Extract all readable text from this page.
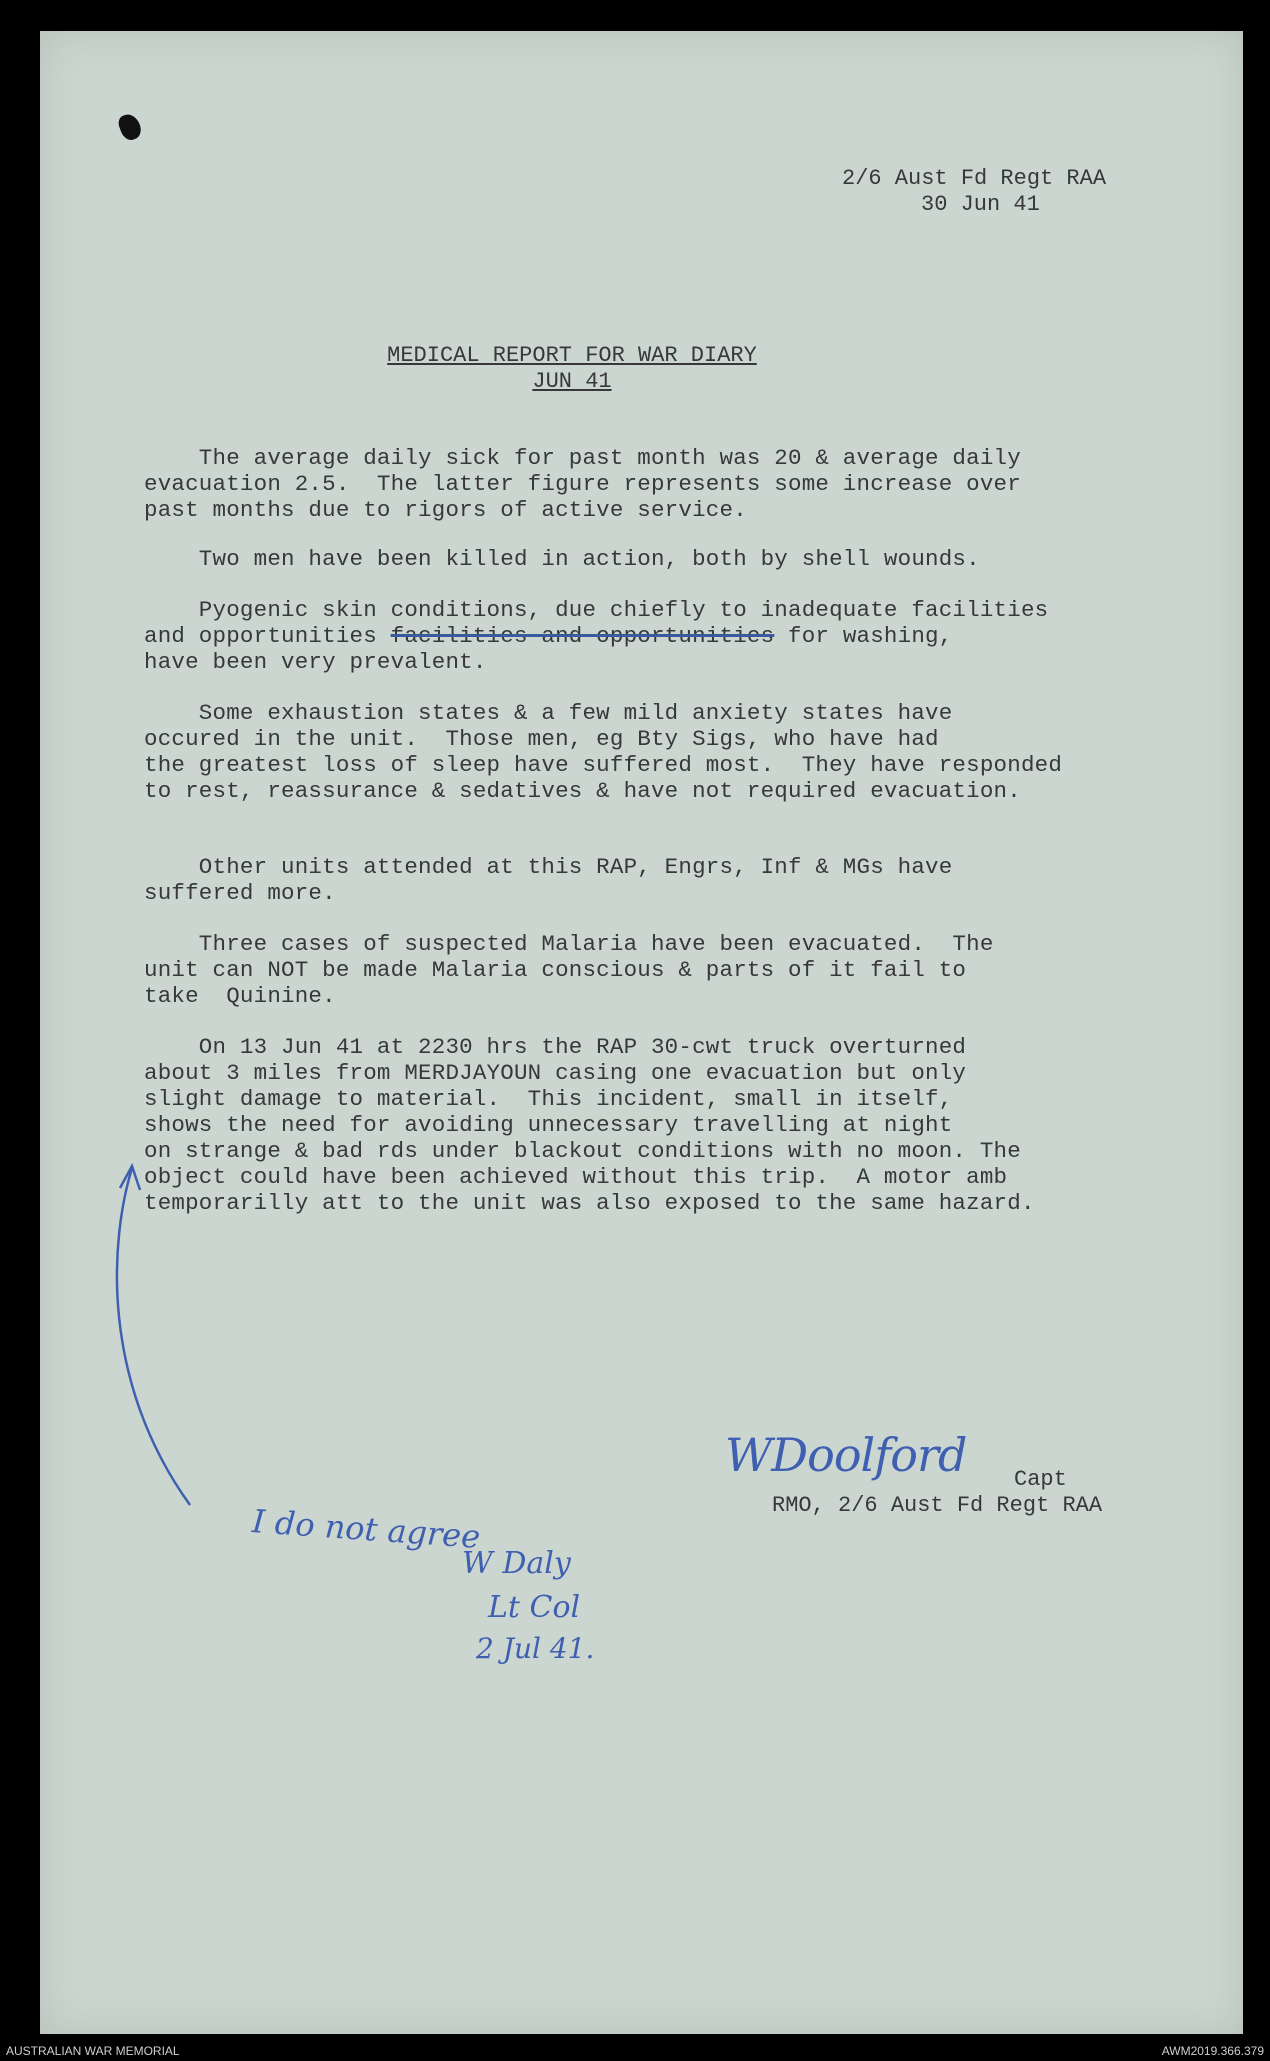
2/6 Aust Fd Regt RAA
30 Jun 41
MEDICAL REPORT FOR WAR DIARY
JUN 41
The average daily sick for past month was 20 & average daily
evacuation 2.5.  The latter figure represents some increase over
past months due to rigors of active service.
Two men have been killed in action, both by shell wounds.
Pyogenic skin conditions, due chiefly to inadequate facilities
and opportunities facilities and opportunities for washing,
have been very prevalent.
Some exhaustion states & a few mild anxiety states have
occured in the unit.  Those men, eg Bty Sigs, who have had
the greatest loss of sleep have suffered most.  They have responded
to rest, reassurance & sedatives & have not required evacuation.
Other units attended at this RAP, Engrs, Inf & MGs have
suffered more.
Three cases of suspected Malaria have been evacuated.  The
unit can NOT be made Malaria conscious & parts of it fail to
take  Quinine.
On 13 Jun 41 at 2230 hrs the RAP 30-cwt truck overturned
about 3 miles from MERDJAYOUN casing one evacuation but only
slight damage to material.  This incident, small in itself,
shows the need for avoiding unnecessary travelling at night
on strange & bad rds under blackout conditions with no moon. The
object could have been achieved without this trip.  A motor amb
temporarilly att to the unit was also exposed to the same hazard.
WDoolford Capt
RMO, 2/6 Aust Fd Regt RAA
I do not agree
W Daly
Lt Col
2 Jul 41.
AUSTRALIAN WAR MEMORIAL	AWM2019.366.379
